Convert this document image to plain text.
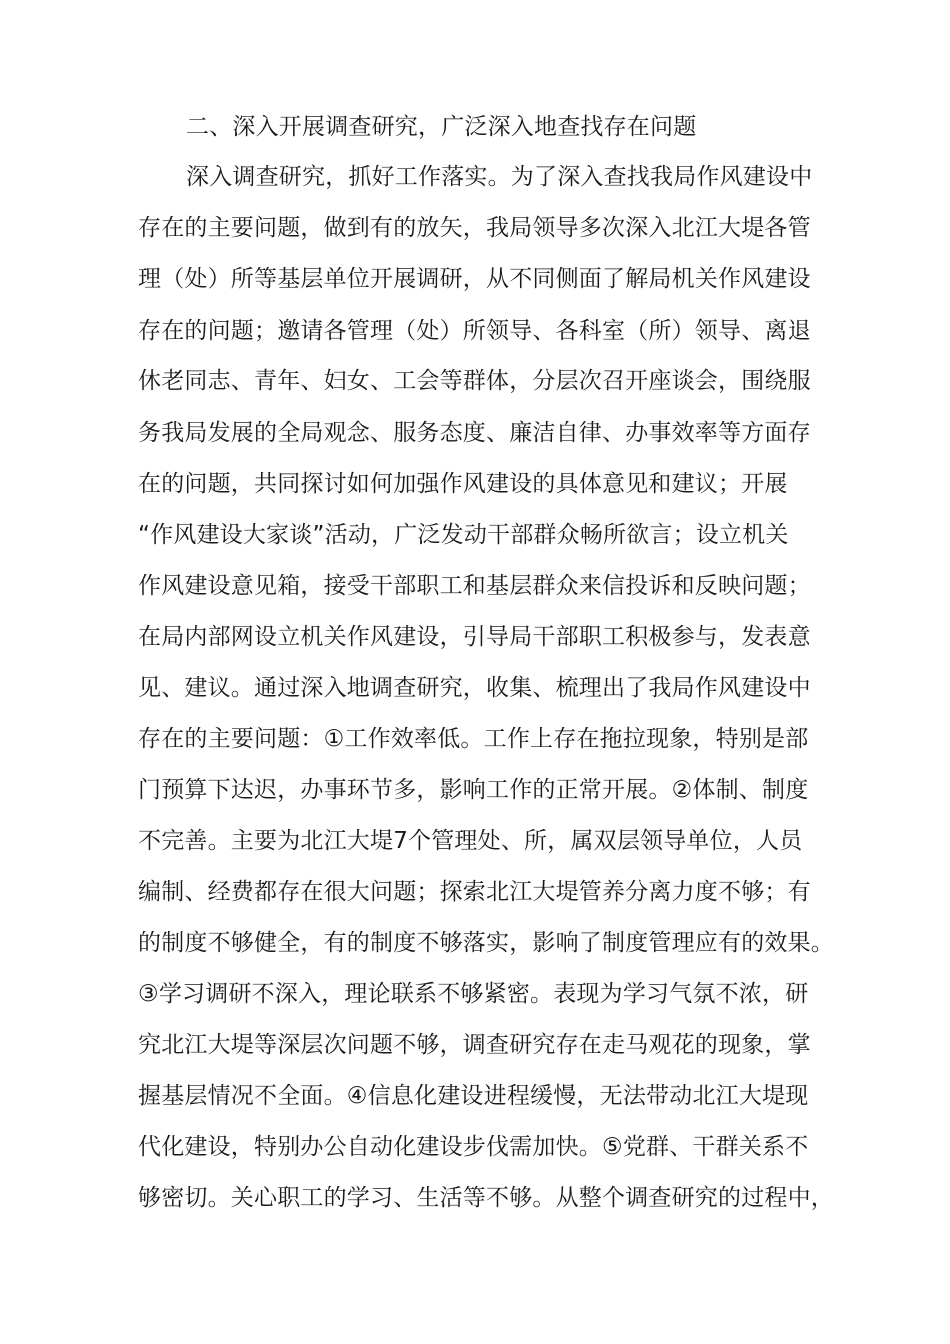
二、深入开展调查研究，广泛深入地查找存在问题
深入调查研究，抓好工作落实。为了深入查找我局作风建设中
存在的主要问题，做到有的放矢，我局领导多次深入北江大堤各管
理（处）所等基层单位开展调研，从不同侧面了解局机关作风建设
存在的问题；邀请各管理（处）所领导、各科室（所）领导、离退
休老同志、青年、妇女、工会等群体，分层次召开座谈会，围绕服
务我局发展的全局观念、服务态度、廉洁自律、办事效率等方面存
在的问题，共同探讨如何加强作风建设的具体意见和建议；开展
“作风建设大家谈”活动，广泛发动干部群众畅所欲言；设立机关
作风建设意见箱，接受干部职工和基层群众来信投诉和反映问题；
在局内部网设立机关作风建设，引导局干部职工积极参与，发表意
见、建议。通过深入地调查研究，收集、梳理出了我局作风建设中
存在的主要问题：①工作效率低。工作上存在拖拉现象，特别是部
门预算下达迟，办事环节多，影响工作的正常开展。②体制、制度
不完善。主要为北江大堤7个管理处、所，属双层领导单位，人员
编制、经费都存在很大问题；探索北江大堤管养分离力度不够；有
的制度不够健全，有的制度不够落实，影响了制度管理应有的效果。
③学习调研不深入，理论联系不够紧密。表现为学习气氛不浓，研
究北江大堤等深层次问题不够，调查研究存在走马观花的现象，掌
握基层情况不全面。④信息化建设进程缓慢，无法带动北江大堤现
代化建设，特别办公自动化建设步伐需加快。⑤党群、干群关系不
够密切。关心职工的学习、生活等不够。从整个调查研究的过程中，
